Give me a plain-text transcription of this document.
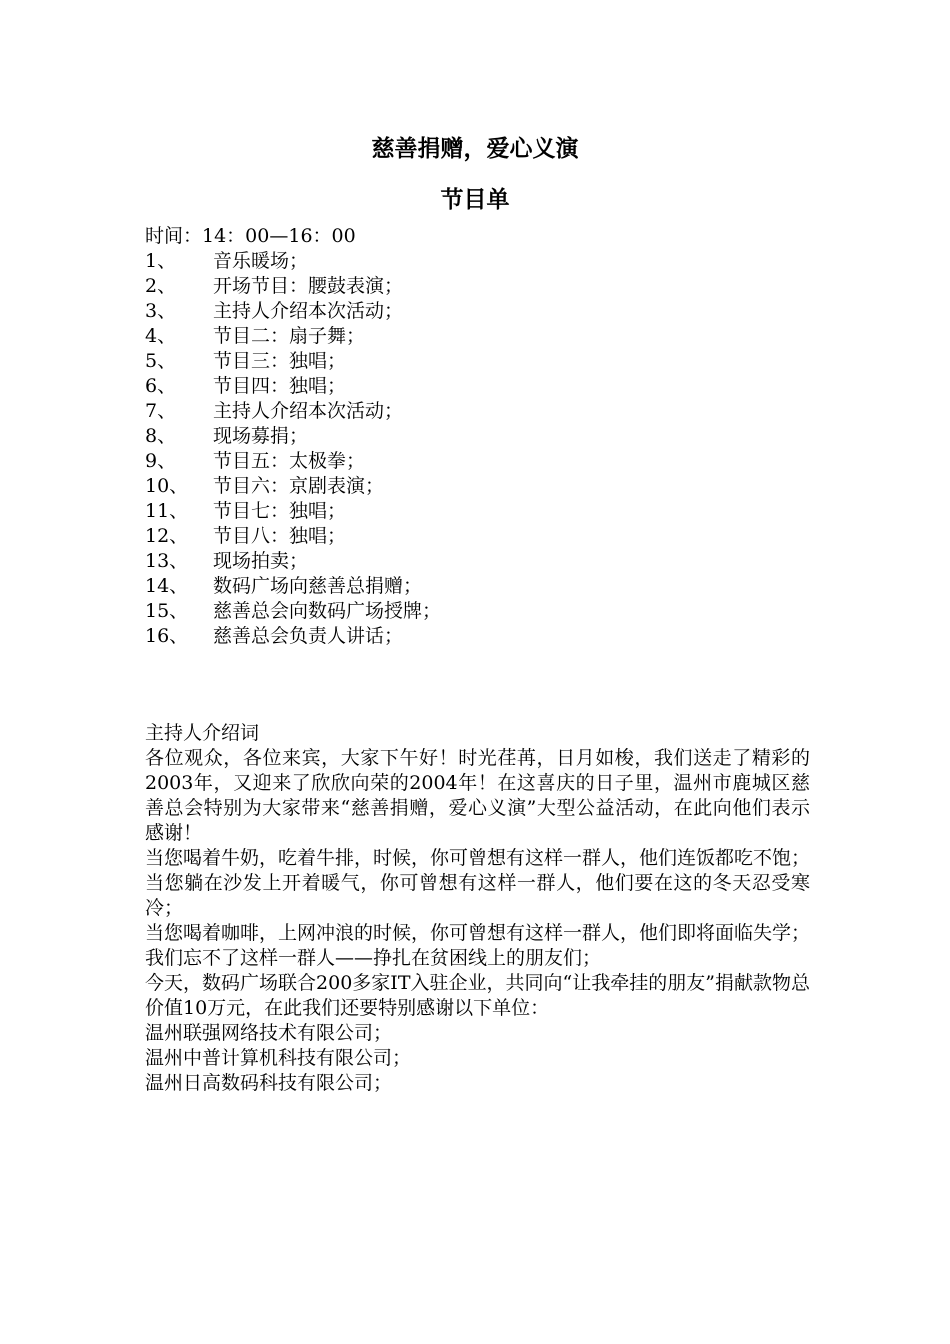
慈善捐赠，爱心义演
节目单
时间：14：00—16：00
1、	音乐暖场；
2、	开场节目：腰鼓表演；
3、	主持人介绍本次活动；
4、	节目二：扇子舞；
5、	节目三：独唱；
6、	节目四：独唱；
7、	主持人介绍本次活动；
8、	现场募捐；
9、	节目五：太极拳；
10、	节目六：京剧表演；
11、	节目七：独唱；
12、	节目八：独唱；
13、	现场拍卖；
14、	数码广场向慈善总捐赠；
15、	慈善总会向数码广场授牌；
16、	慈善总会负责人讲话；

主持人介绍词

各位观众，各位来宾，大家下午好！时光荏苒，日月如梭，我们送走了精彩的2003年，又迎来了欣欣向荣的2004年！在这喜庆的日子里，温州市鹿城区慈善总会特别为大家带来“慈善捐赠，爱心义演”大型公益活动，在此向他们表示感谢！

当您喝着牛奶，吃着牛排，时候，你可曾想有这样一群人，他们连饭都吃不饱；

当您躺在沙发上开着暖气，你可曾想有这样一群人，他们要在这的冬天忍受寒冷；

当您喝着咖啡，上网冲浪的时候，你可曾想有这样一群人，他们即将面临失学；

我们忘不了这样一群人——挣扎在贫困线上的朋友们；

今天，数码广场联合200多家IT入驻企业，共同向“让我牵挂的朋友”捐献款物总价值10万元，在此我们还要特别感谢以下单位：

温州联强网络技术有限公司；

温州中普计算机科技有限公司；

温州日高数码科技有限公司；
